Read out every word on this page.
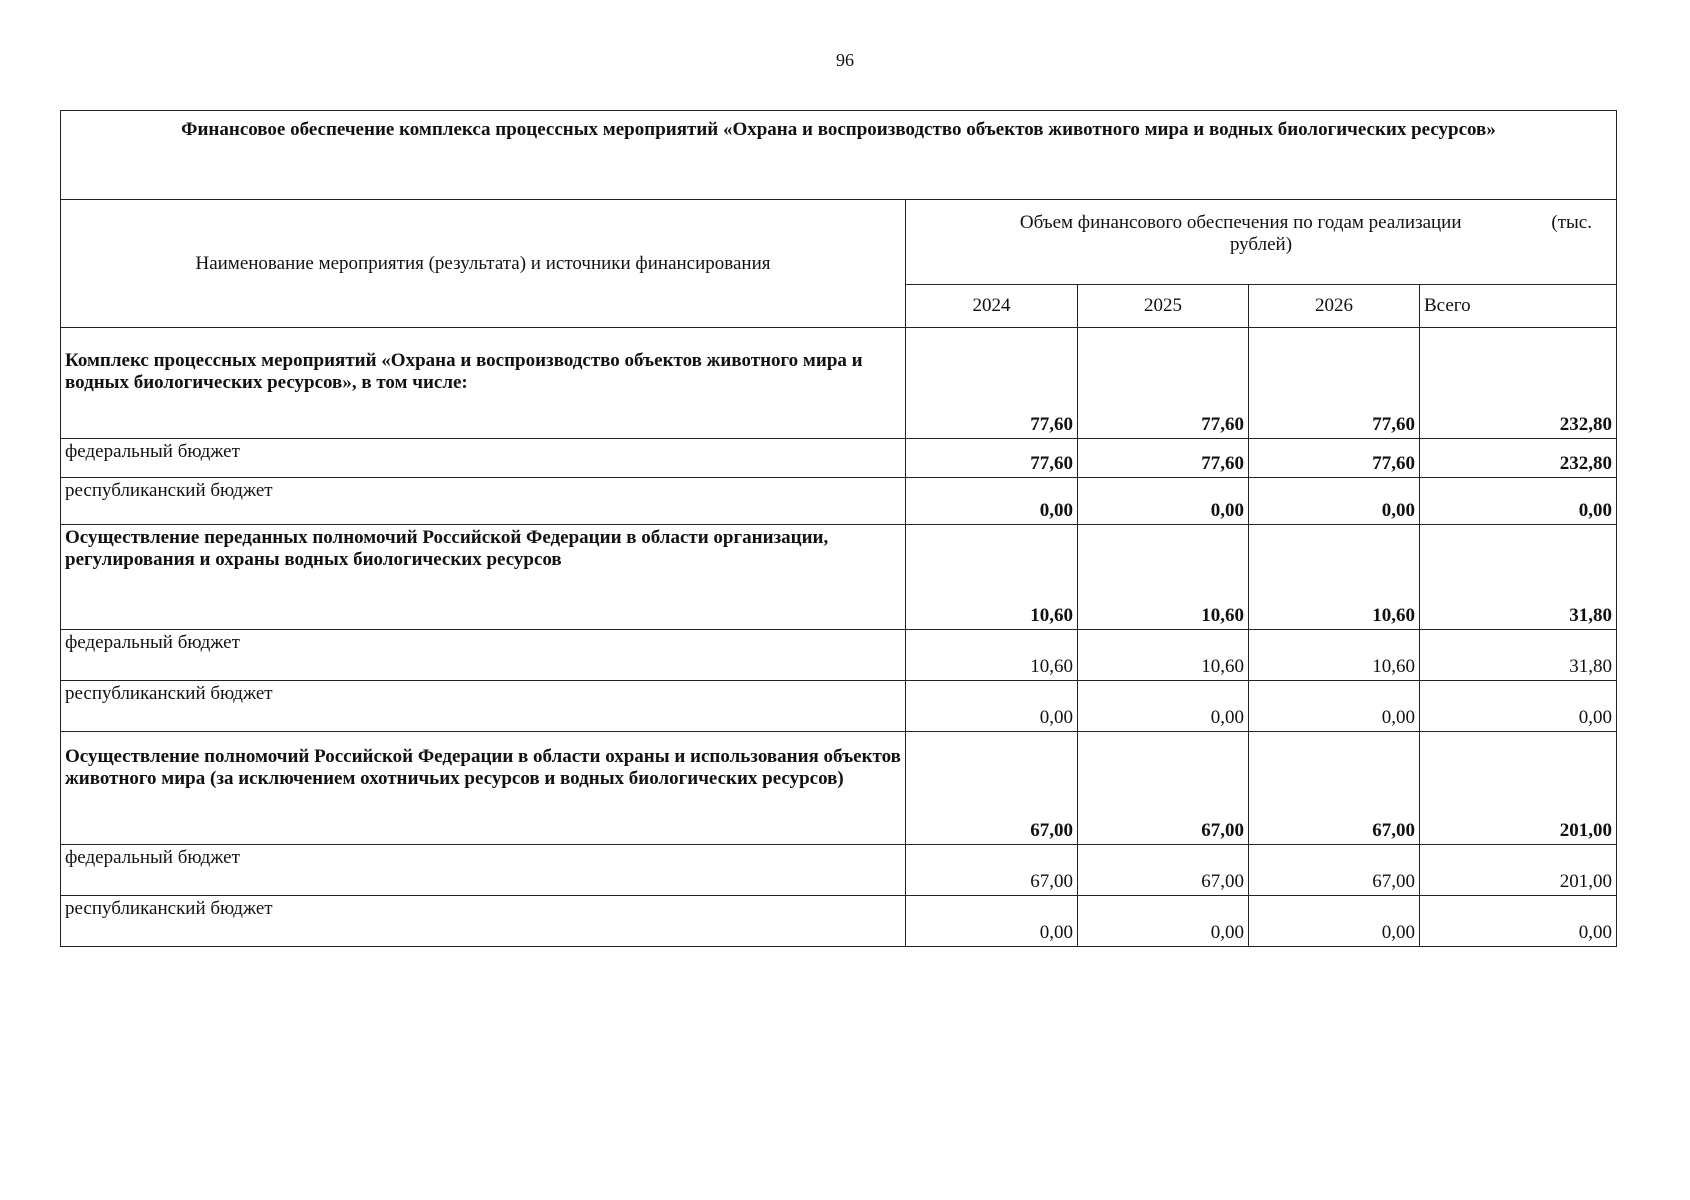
96
Финансовое обеспечение комплекса процессных мероприятий «Охрана и воспроизводство объектов животного мира и водных биологических ресурсов»				
Наименование мероприятия (результата) и источники финансирования	Объем финансового обеспечения по годам реализации (тыс.
рублей)			

	2024	2025	2026	Всего
Комплекс процессных мероприятий «Охрана и воспроизводство объектов животного мира и водных биологических ресурсов», в том числе:	77,60	77,60	77,60	232,80
федеральный бюджет	77,60	77,60	77,60	232,80
республиканский бюджет	0,00	0,00	0,00	0,00
Осуществление переданных полномочий Российской Федерации в области организации, регулирования и охраны водных биологических ресурсов	10,60	10,60	10,60	31,80
федеральный бюджет	10,60	10,60	10,60	31,80
республиканский бюджет	0,00	0,00	0,00	0,00
Осуществление полномочий Российской Федерации в области охраны и использования объектов животного мира (за исключением охотничьих ресурсов и водных биологических ресурсов)	67,00	67,00	67,00	201,00
федеральный бюджет	67,00	67,00	67,00	201,00
республиканский бюджет	0,00	0,00	0,00	0,00
